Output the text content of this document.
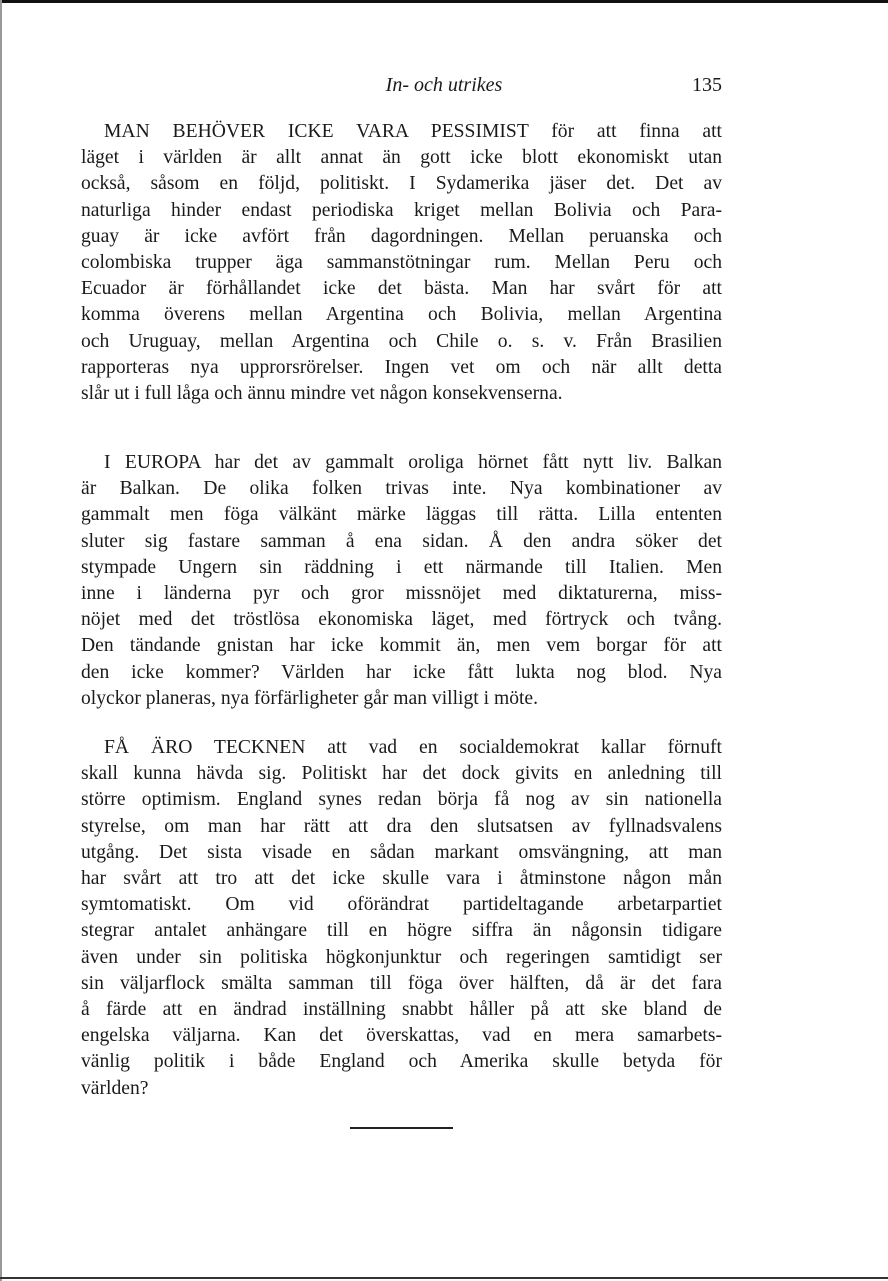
In- och utrikes	135
MAN BEHÖVER ICKE VARA PESSIMIST för att finna att
läget i världen är allt annat än gott icke blott ekonomiskt utan
också, såsom en följd, politiskt. I Sydamerika jäser det. Det av
naturliga hinder endast periodiska kriget mellan Bolivia och Para-
guay är icke avfört från dagordningen. Mellan peruanska och
colombiska trupper äga sammanstötningar rum. Mellan Peru och
Ecuador är förhållandet icke det bästa. Man har svårt för att
komma överens mellan Argentina och Bolivia, mellan Argentina
och Uruguay, mellan Argentina och Chile o. s. v. Från Brasilien
rapporteras nya upprorsrörelser. Ingen vet om och när allt detta
slår ut i full låga och ännu mindre vet någon konsekvenserna.
I EUROPA har det av gammalt oroliga hörnet fått nytt liv. Balkan
är Balkan. De olika folken trivas inte. Nya kombinationer av
gammalt men föga välkänt märke läggas till rätta. Lilla ententen
sluter sig fastare samman å ena sidan. Å den andra söker det
stympade Ungern sin räddning i ett närmande till Italien. Men
inne i länderna pyr och gror missnöjet med diktaturerna, miss-
nöjet med det tröstlösa ekonomiska läget, med förtryck och tvång.
Den tändande gnistan har icke kommit än, men vem borgar för att
den icke kommer? Världen har icke fått lukta nog blod. Nya
olyckor planeras, nya förfärligheter går man villigt i möte.
FÅ ÄRO TECKNEN att vad en socialdemokrat kallar förnuft
skall kunna hävda sig. Politiskt har det dock givits en anledning till
större optimism. England synes redan börja få nog av sin nationella
styrelse, om man har rätt att dra den slutsatsen av fyllnadsvalens
utgång. Det sista visade en sådan markant omsvängning, att man
har svårt att tro att det icke skulle vara i åtminstone någon mån
symtomatiskt. Om vid oförändrat partideltagande arbetarpartiet
stegrar antalet anhängare till en högre siffra än någonsin tidigare
även under sin politiska högkonjunktur och regeringen samtidigt ser
sin väljarflock smälta samman till föga över hälften, då är det fara
å färde att en ändrad inställning snabbt håller på att ske bland de
engelska väljarna. Kan det överskattas, vad en mera samarbets-
vänlig politik i både England och Amerika skulle betyda för
världen?
